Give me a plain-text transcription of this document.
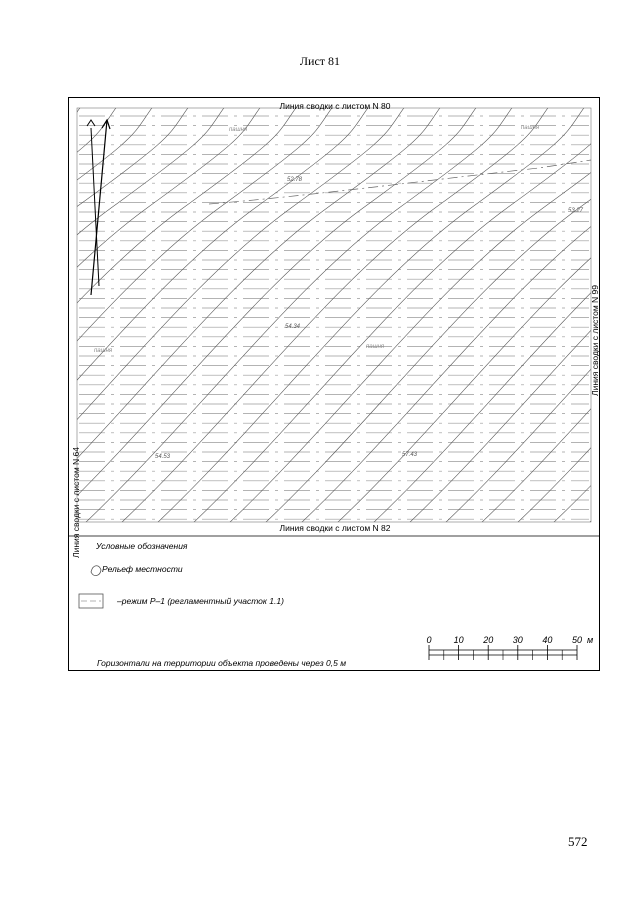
Лист 81
0 10 20 30 40 50 м
Линия сводки с листом N 80
Линия сводки с листом N 82
Линия сводки с листом N 64
Линия сводки с листом N 99
52.78
53.27
54.34
54.53	57.43
пашня	пашня
пашня
пашня
Условные обозначения
Рельеф местности
–режим Р–1 (регламентный участок 1.1)
Горизонтали на территории объекта проведены через 0,5 м
572
